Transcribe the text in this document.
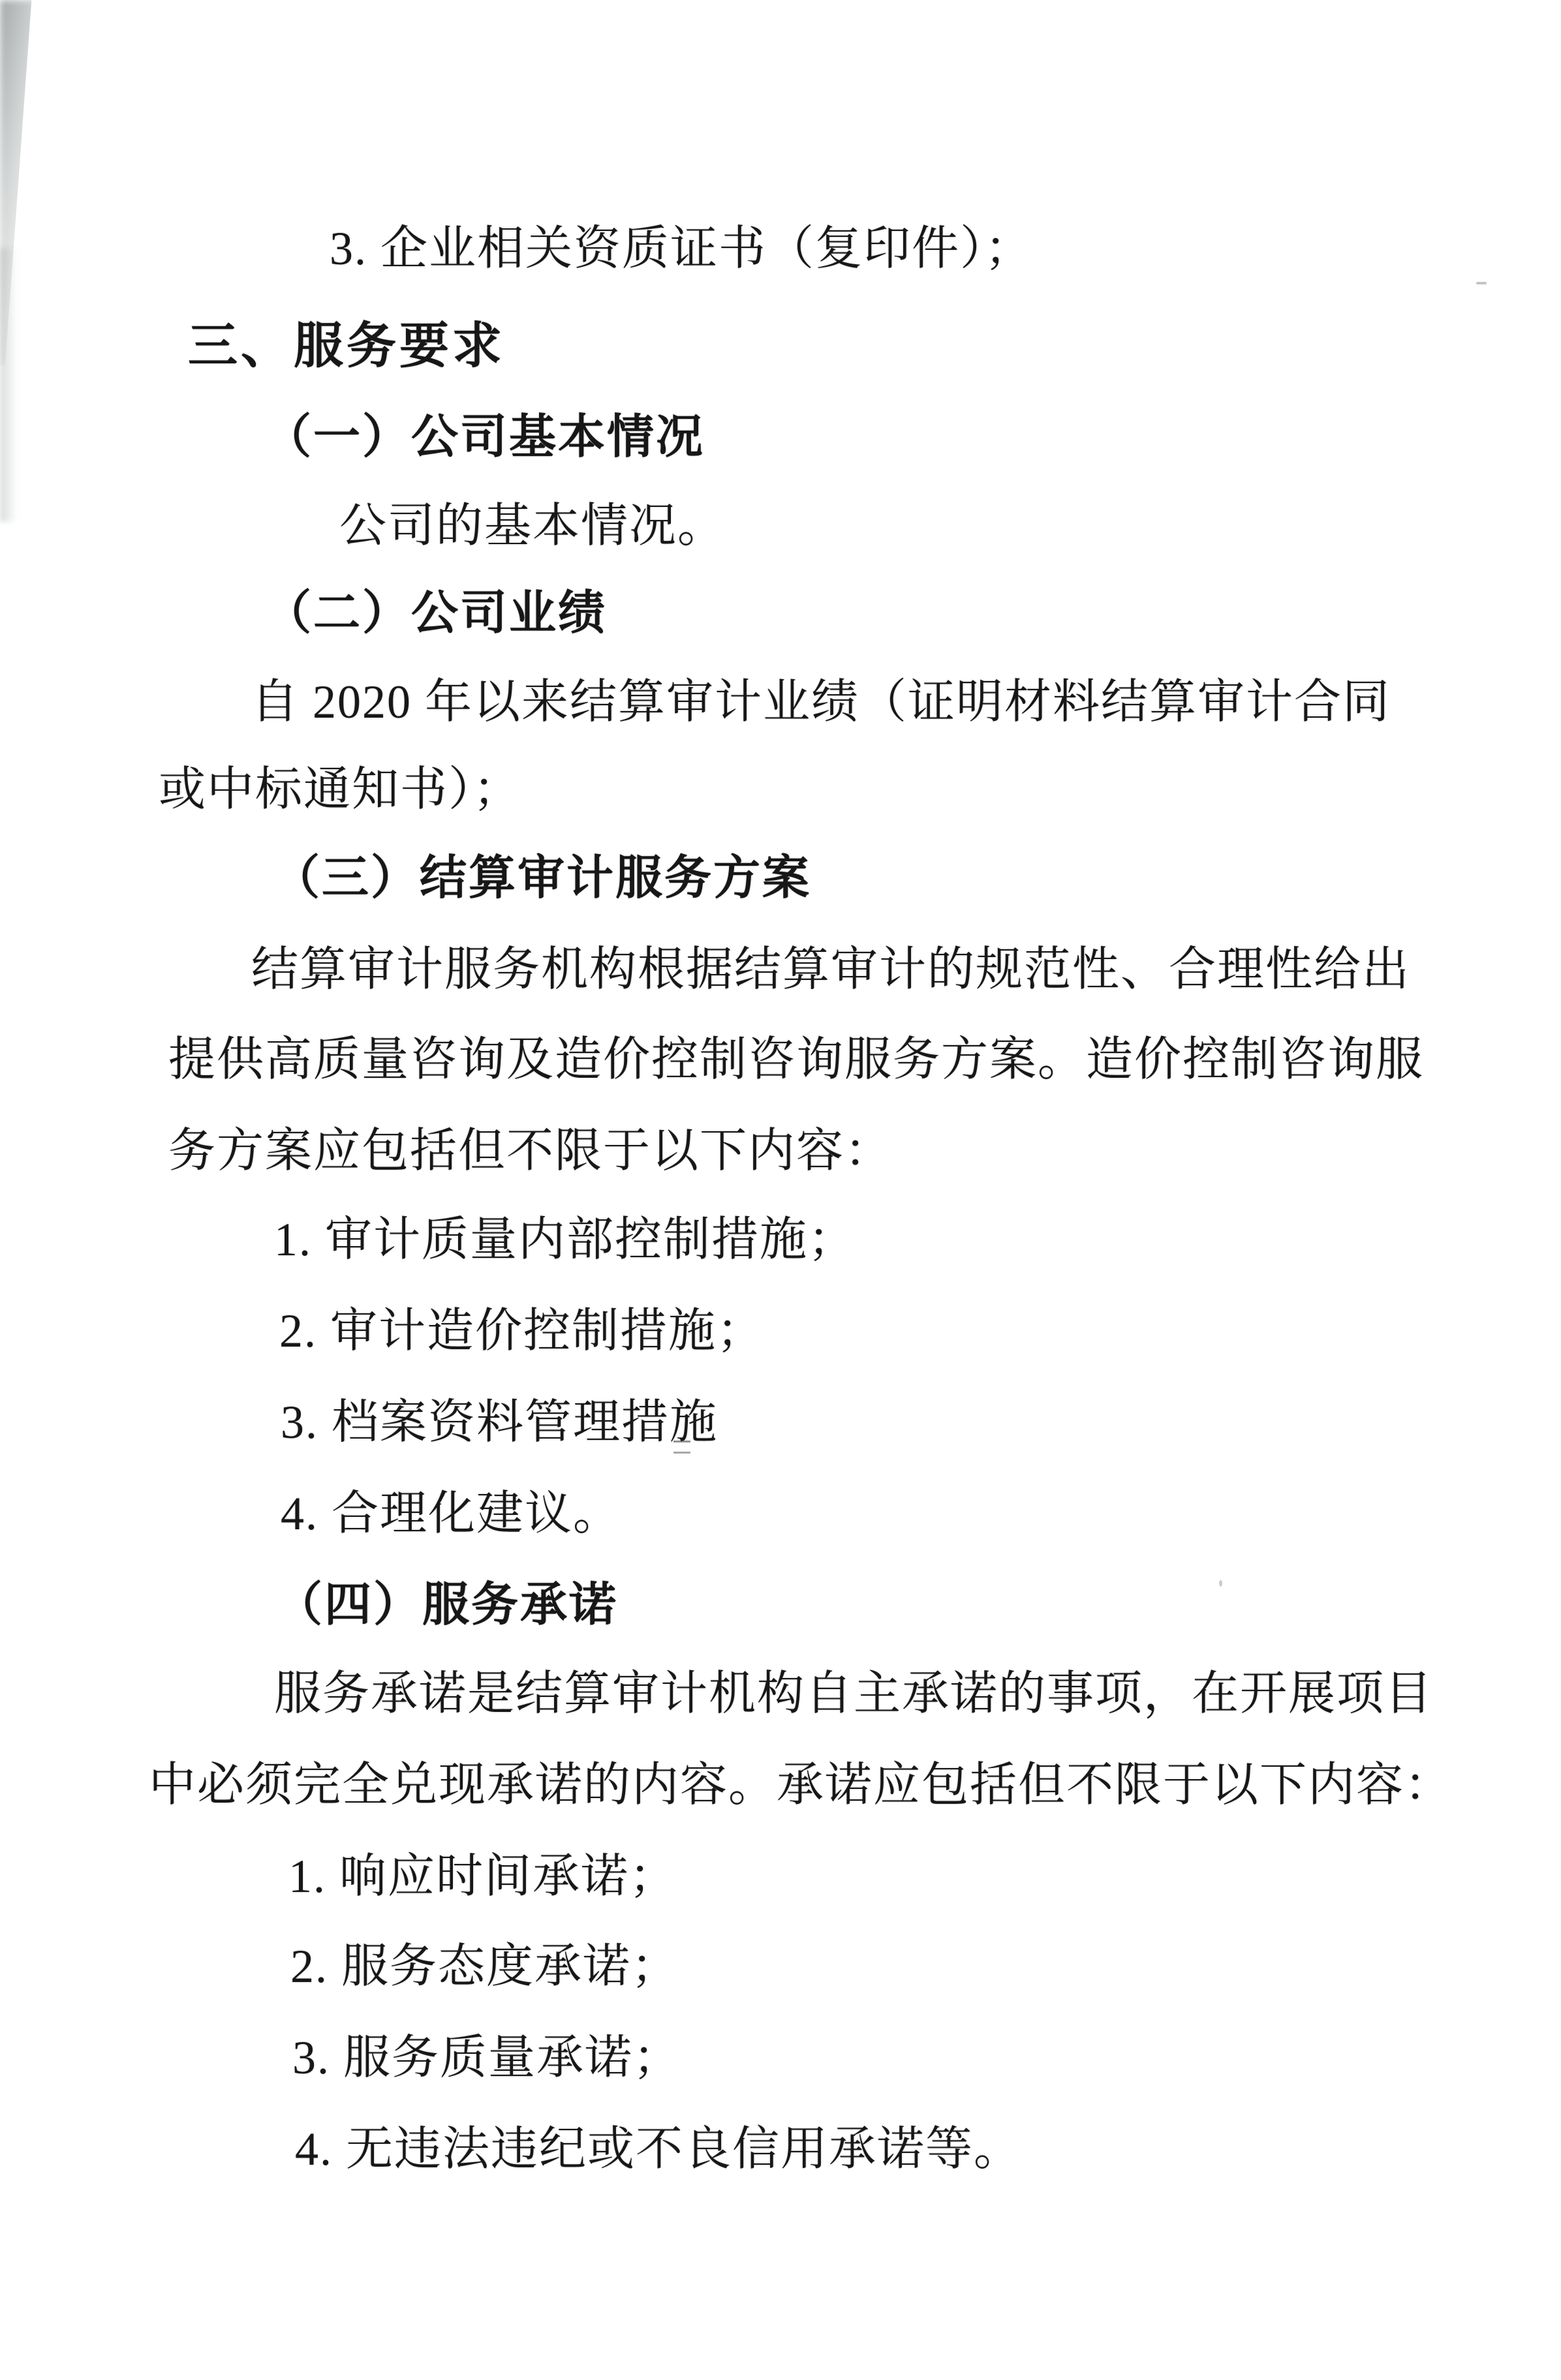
3. 企业相关资质证书（复印件）；
三、服务要求
（一）公司基本情况
公司的基本情况。
（二）公司业绩
自 2020 年以来结算审计业绩（证明材料结算审计合同
或中标通知书）；
（三）结算审计服务方案
结算审计服务机构根据结算审计的规范性、合理性给出
提供高质量咨询及造价控制咨询服务方案。造价控制咨询服
务方案应包括但不限于以下内容：
1. 审计质量内部控制措施；
2. 审计造价控制措施；
3. 档案资料管理措施
4. 合理化建议。
（四）服务承诺
服务承诺是结算审计机构自主承诺的事项，在开展项目
中必须完全兑现承诺的内容。承诺应包括但不限于以下内容：
1. 响应时间承诺；
2. 服务态度承诺；
3. 服务质量承诺；
4. 无违法违纪或不良信用承诺等。
